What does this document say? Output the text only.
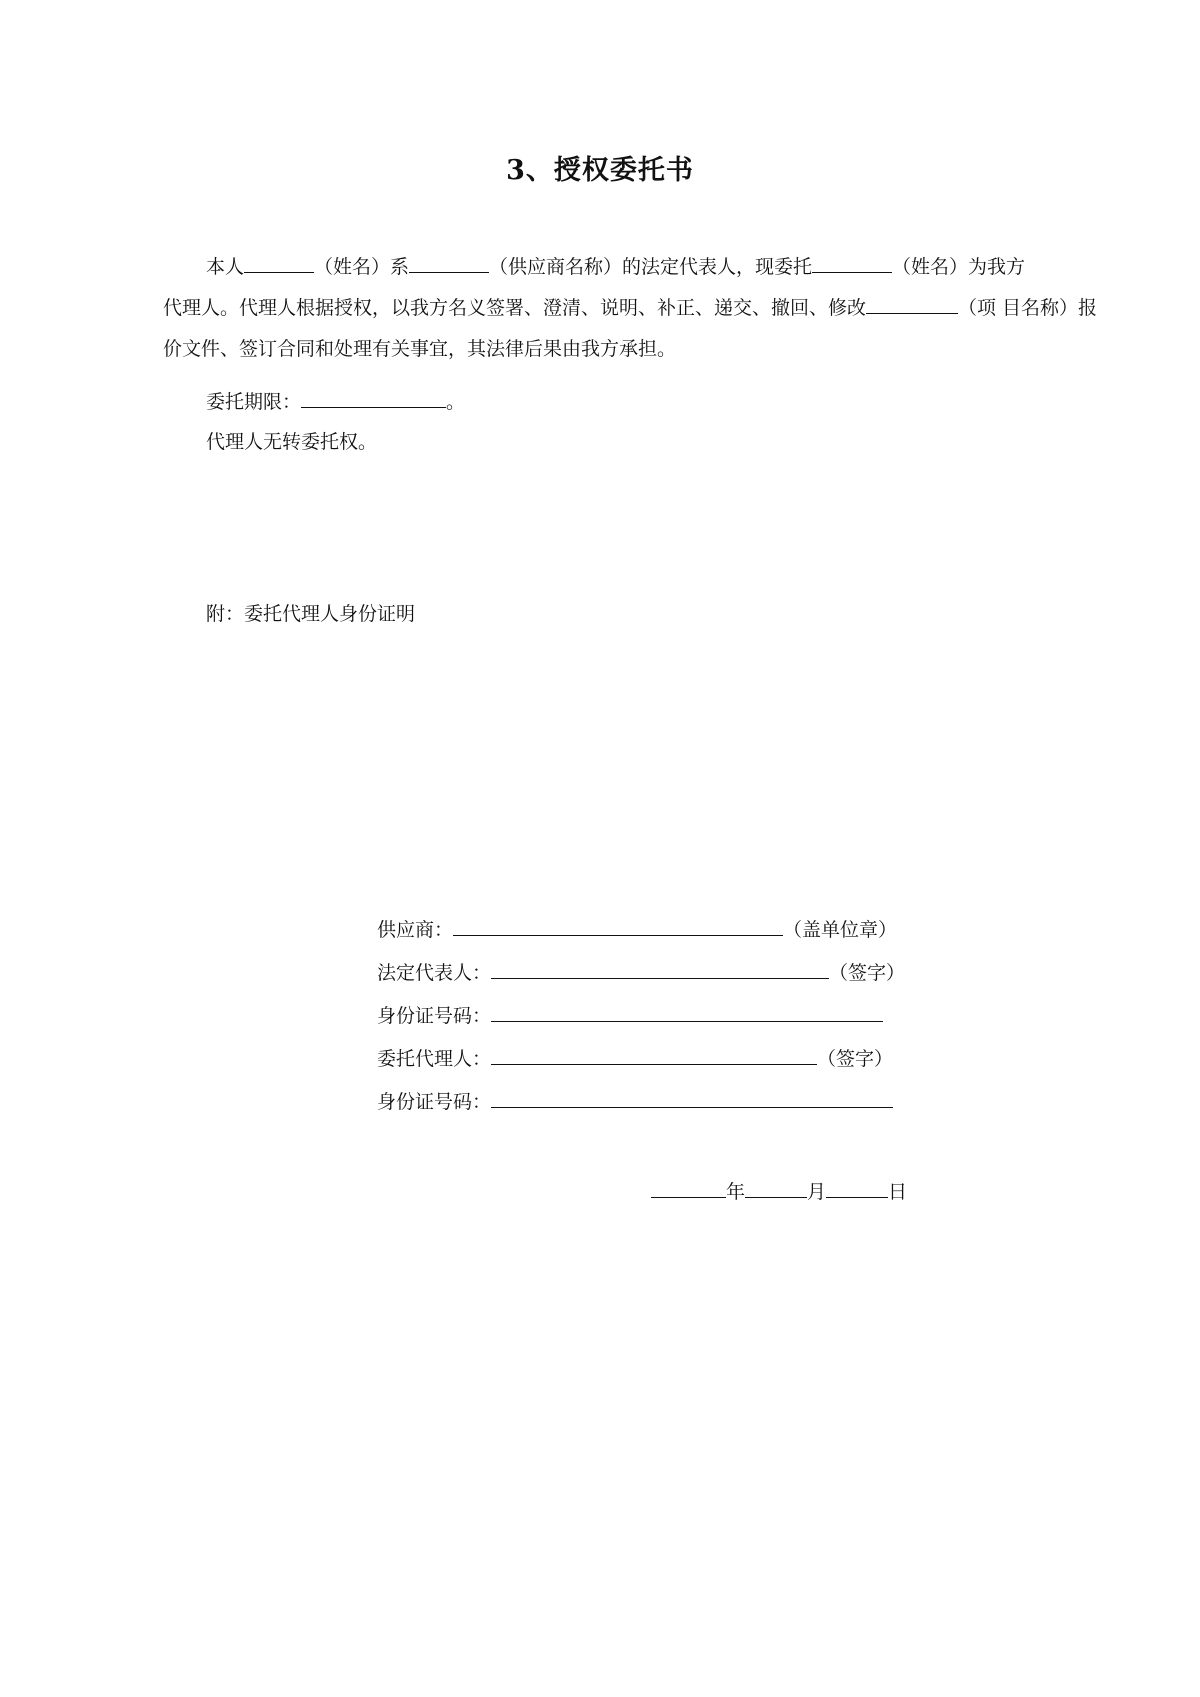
3、授权委托书
本人	（姓名）系	（供应商名称）的法定代表人，现委托	（姓名）为我方
代理人。代理人根据授权，以我方名义签署、澄清、说明、补正、递交、撤回、修改	（项 目名称）报
价文件、签订合同和处理有关事宜，其法律后果由我方承担。
委托期限：	。
代理人无转委托权。
附：委托代理人身份证明
供应商：	（盖单位章）
法定代表人：	（签字）
身份证号码：
委托代理人：	（签字）
身份证号码：
年	月	日
